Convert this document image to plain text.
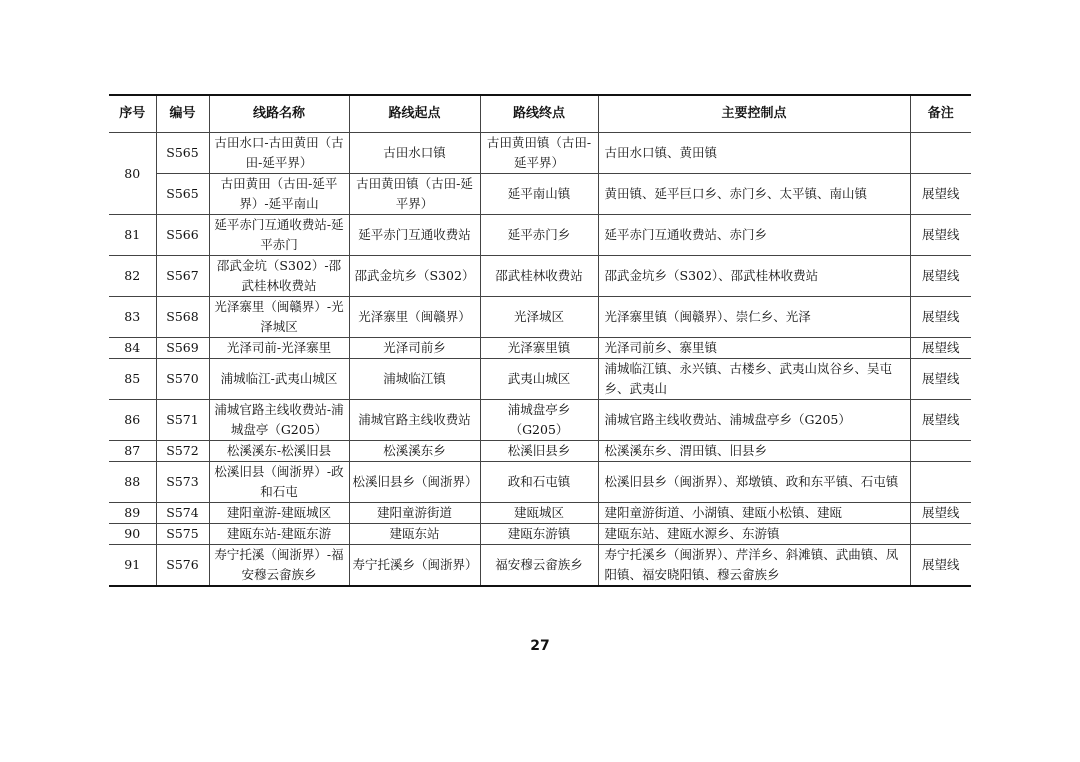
序号	编号	线路名称	路线起点	路线终点	主要控制点	备注
80	S565	古田水口-古田黄田（古田-延平界）	古田水口镇	古田黄田镇（古田-延平界）	古田水口镇、黄田镇	
	S565	古田黄田（古田-延平界）-延平南山	古田黄田镇（古田-延平界）	延平南山镇	黄田镇、延平巨口乡、赤门乡、太平镇、南山镇	展望线
81	S566	延平赤门互通收费站-延平赤门	延平赤门互通收费站	延平赤门乡	延平赤门互通收费站、赤门乡	展望线
82	S567	邵武金坑（S302）-邵武桂林收费站	邵武金坑乡（S302）	邵武桂林收费站	邵武金坑乡（S302）、邵武桂林收费站	展望线
83	S568	光泽寨里（闽赣界）-光泽城区	光泽寨里（闽赣界）	光泽城区	光泽寨里镇（闽赣界）、崇仁乡、光泽	展望线
84	S569	光泽司前-光泽寨里	光泽司前乡	光泽寨里镇	光泽司前乡、寨里镇	展望线
85	S570	浦城临江-武夷山城区	浦城临江镇	武夷山城区	浦城临江镇、永兴镇、古楼乡、武夷山岚谷乡、吴屯乡、武夷山	展望线
86	S571	浦城官路主线收费站-浦城盘亭（G205）	浦城官路主线收费站	浦城盘亭乡（G205）	浦城官路主线收费站、浦城盘亭乡（G205）	展望线
87	S572	松溪溪东-松溪旧县	松溪溪东乡	松溪旧县乡	松溪溪东乡、渭田镇、旧县乡	
88	S573	松溪旧县（闽浙界）-政和石屯	松溪旧县乡（闽浙界）	政和石屯镇	松溪旧县乡（闽浙界）、郑墩镇、政和东平镇、石屯镇	
89	S574	建阳童游-建瓯城区	建阳童游街道	建瓯城区	建阳童游街道、小湖镇、建瓯小松镇、建瓯	展望线
90	S575	建瓯东站-建瓯东游	建瓯东站	建瓯东游镇	建瓯东站、建瓯水源乡、东游镇	
91	S576	寿宁托溪（闽浙界）-福安穆云畲族乡	寿宁托溪乡（闽浙界）	福安穆云畲族乡	寿宁托溪乡（闽浙界）、芹洋乡、斜滩镇、武曲镇、凤阳镇、福安晓阳镇、穆云畲族乡	展望线
27
